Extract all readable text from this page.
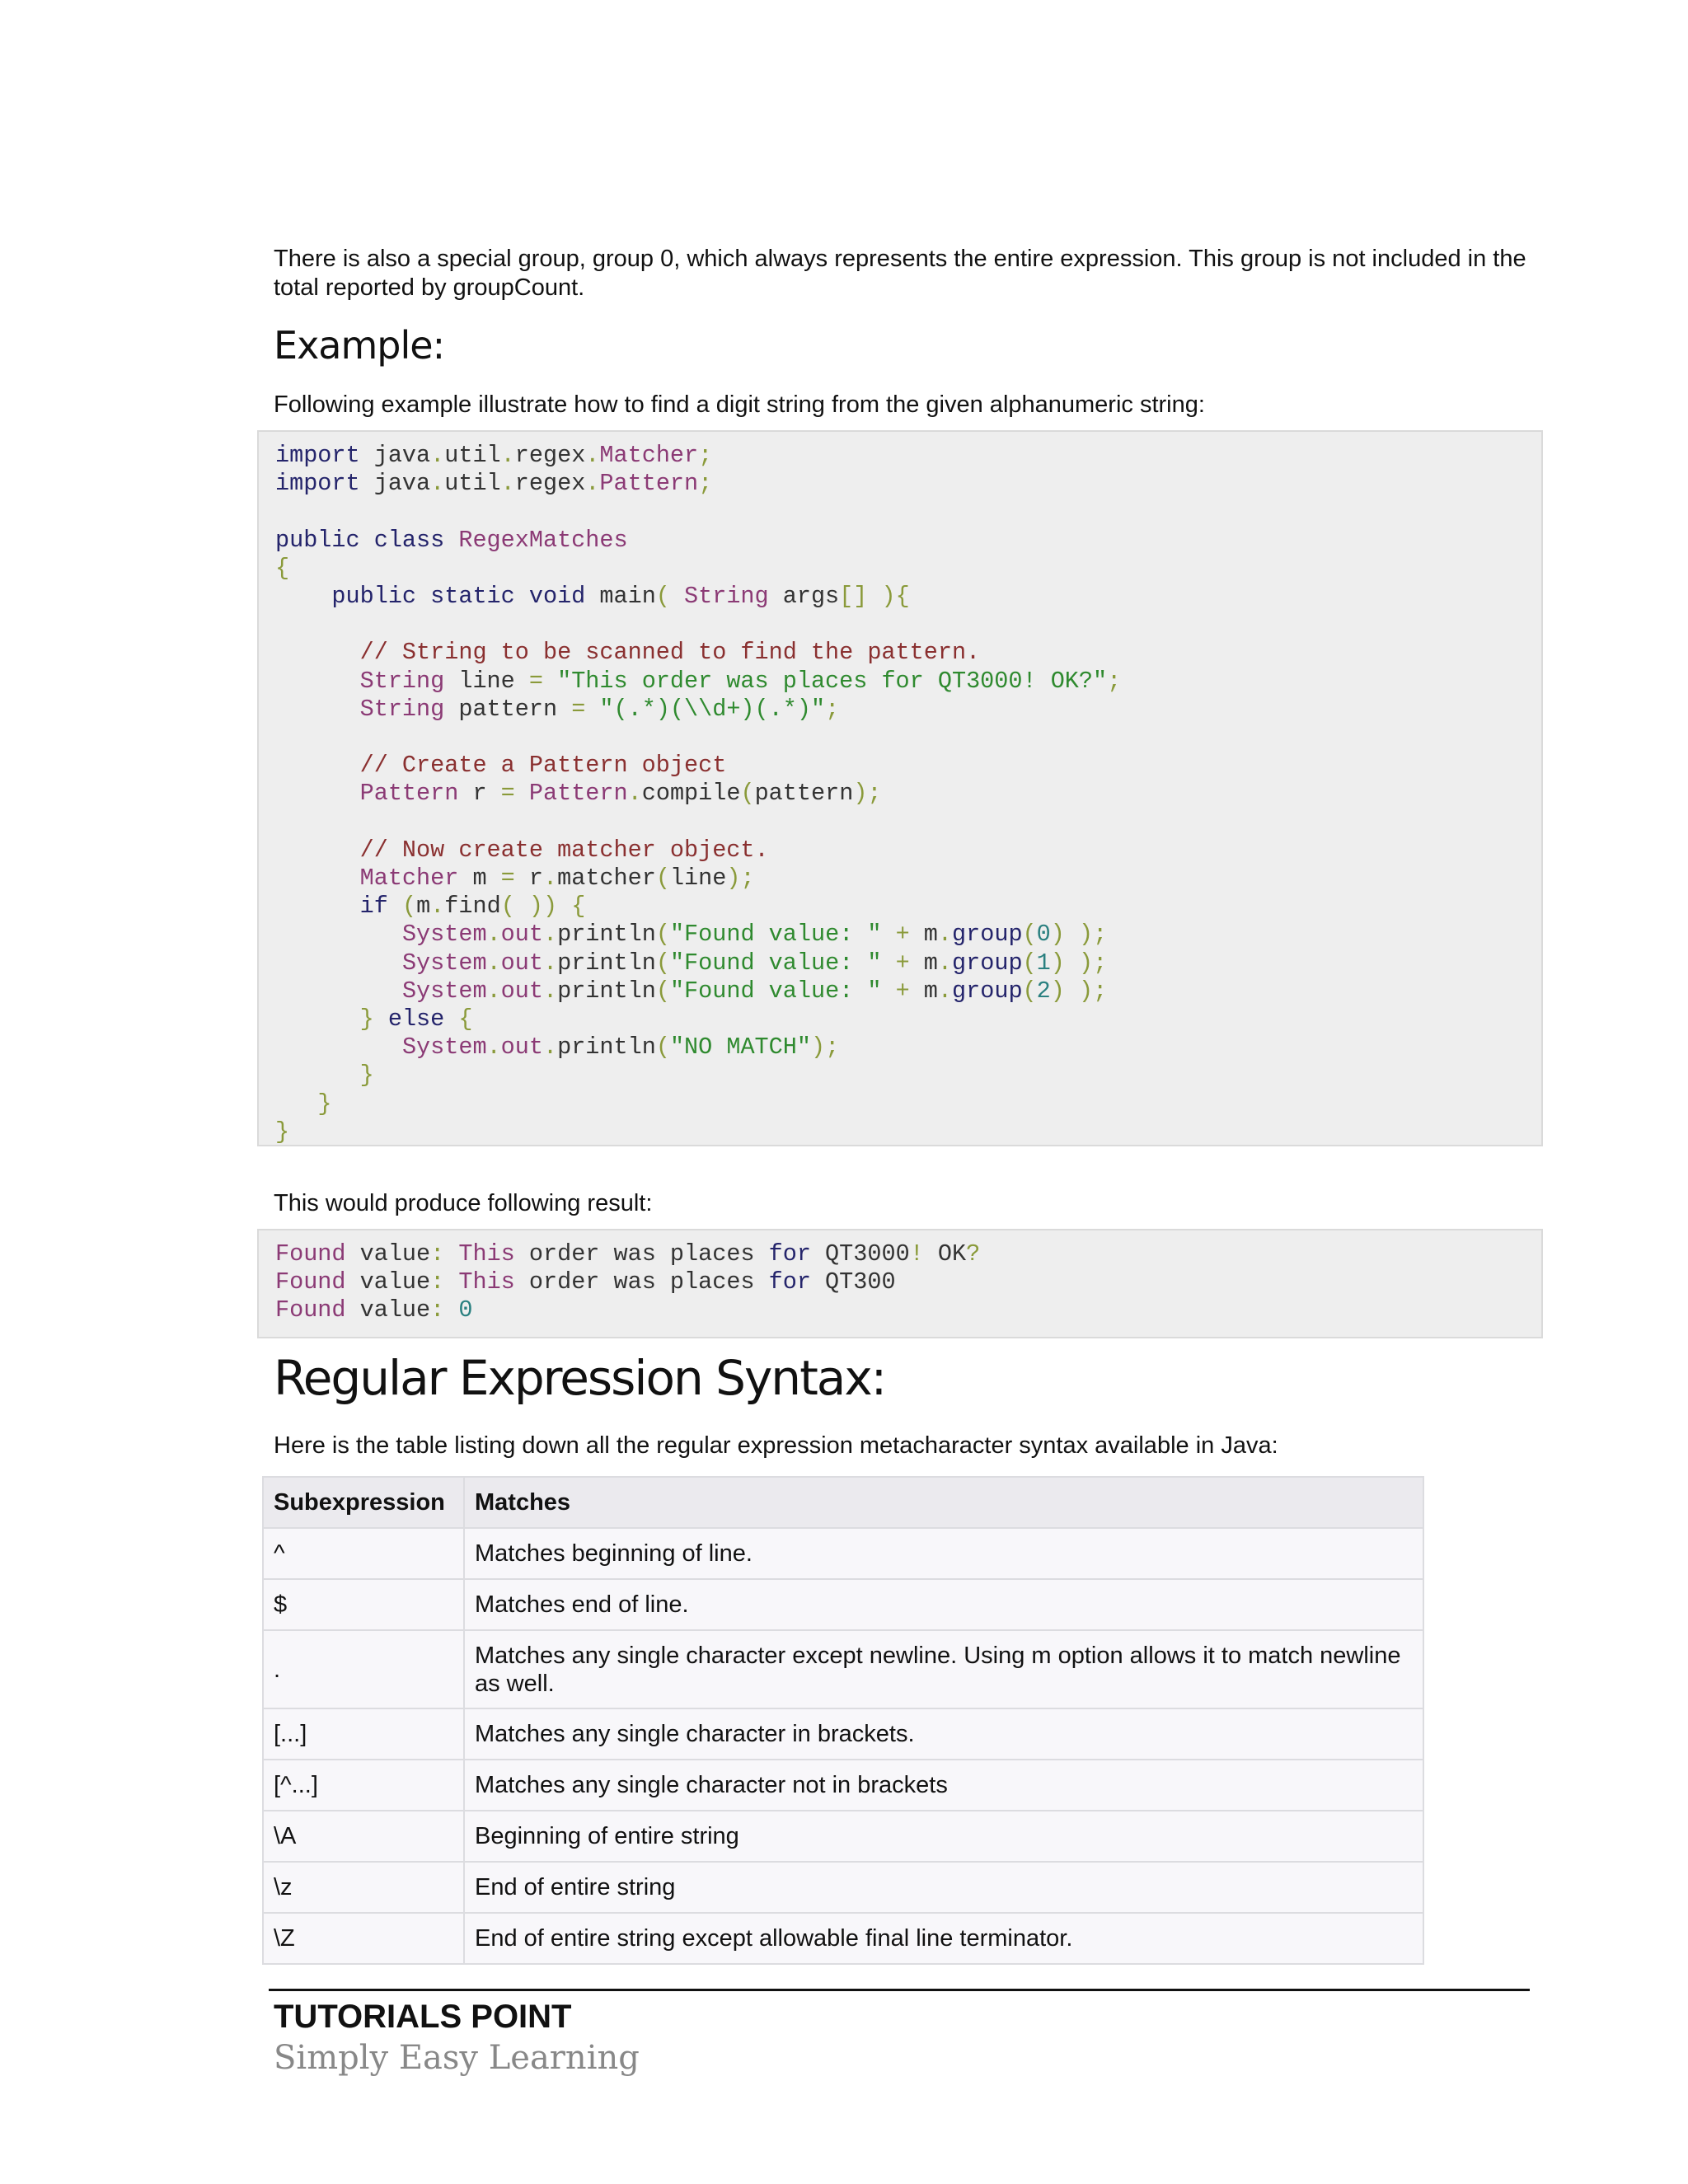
There is also a special group, group 0, which always represents the entire expression. This group is not included in the total reported by groupCount.

Example:

Following example illustrate how to find a digit string from the given alphanumeric string:

import java.util.regex.Matcher;
import java.util.regex.Pattern;

public class RegexMatches
{
public static void main( String args[] ){

// String to be scanned to find the pattern.
String line = "This order was places for QT3000! OK?";
String pattern = "(.*)(\\d+)(.*)";

// Create a Pattern object
Pattern r = Pattern.compile(pattern);

// Now create matcher object.
Matcher m = r.matcher(line);
if (m.find( )) {
System.out.println("Found value: " + m.group(0) );
System.out.println("Found value: " + m.group(1) );
System.out.println("Found value: " + m.group(2) );
} else {
System.out.println("NO MATCH");
}
}
}

This would produce following result:

Found value: This order was places for QT3000! OK?
Found value: This order was places for QT300
Found value: 0
Regular Expression Syntax:

Here is the table listing down all the regular expression metacharacter syntax available in Java:

Subexpression	Matches
^	Matches beginning of line.
$	Matches end of line.
.	Matches any single character except newline. Using m option allows it to match newline as well.
[...]	Matches any single character in brackets.
[^...]	Matches any single character not in brackets
\A	Beginning of entire string
\z	End of entire string
\Z	End of entire string except allowable final line terminator.
TUTORIALS POINT
Simply Easy Learning
